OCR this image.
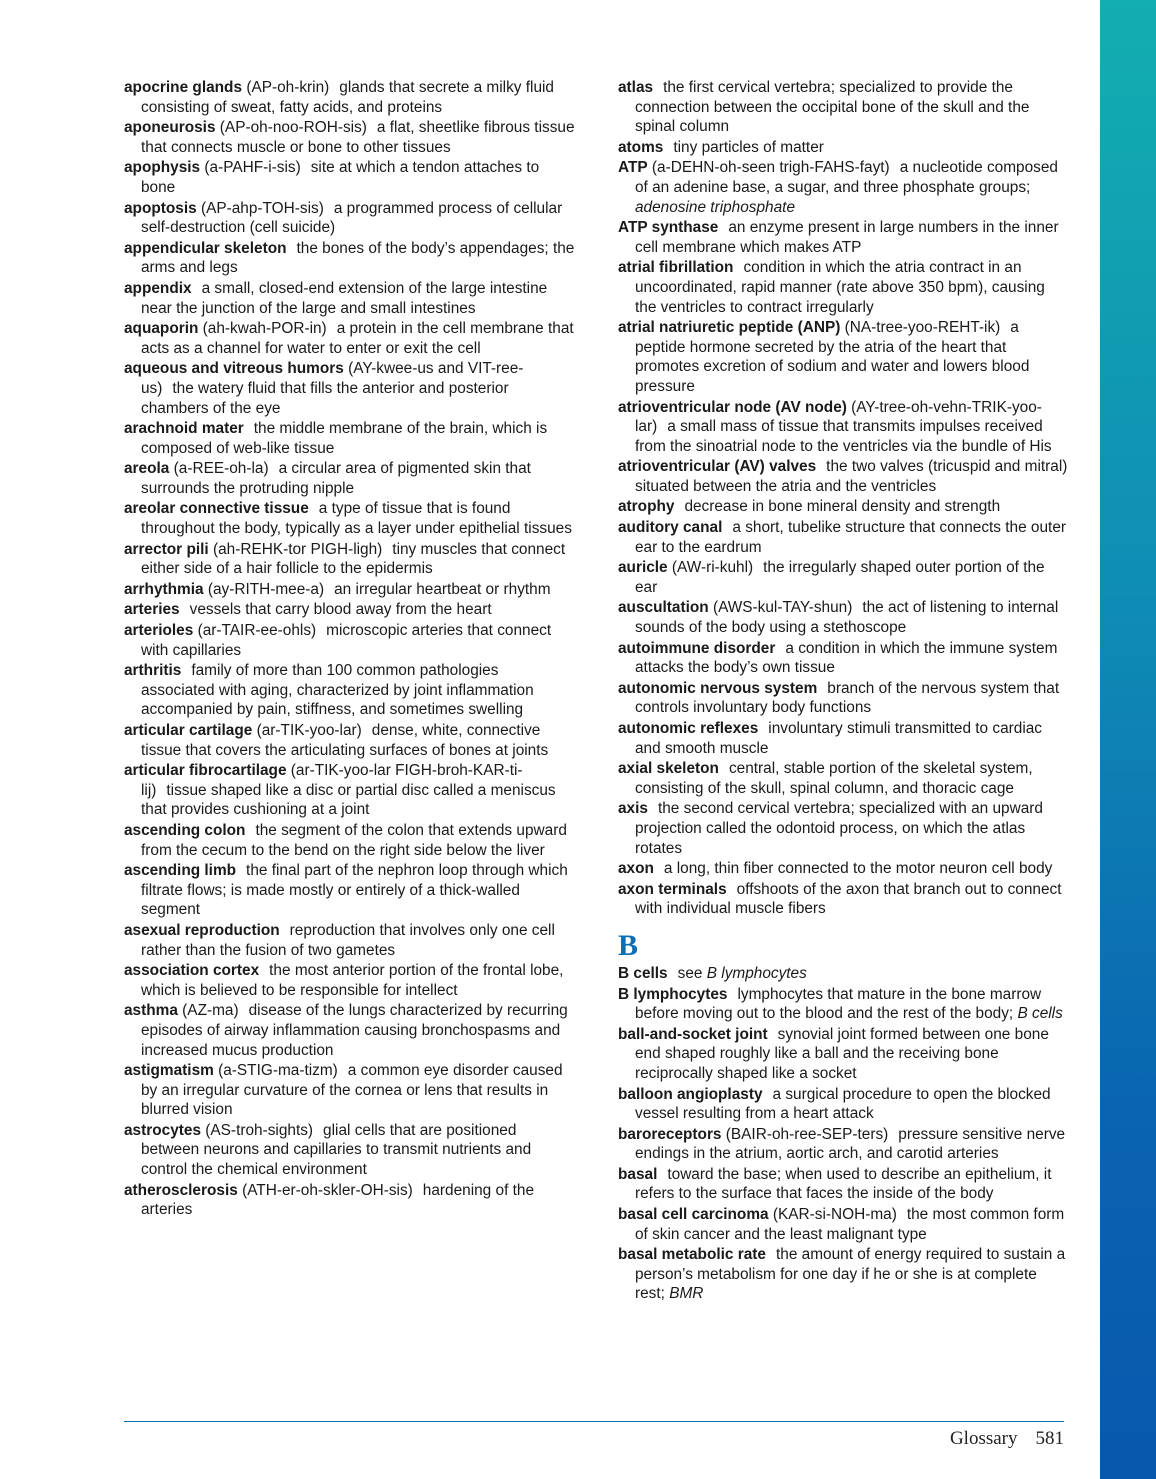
apocrine glands (AP-oh-krin) glands that secrete a milky fluid consisting of sweat, fatty acids, and proteins
aponeurosis (AP-oh-noo-ROH-sis) a flat, sheetlike fibrous tissue that connects muscle or bone to other tissues
apophysis (a-PAHF-i-sis) site at which a tendon attaches to bone
apoptosis (AP-ahp-TOH-sis) a programmed process of cellular self-destruction (cell suicide)
appendicular skeleton the bones of the body’s appendages; the arms and legs
appendix a small, closed-end extension of the large intestine near the junction of the large and small intestines
aquaporin (ah-kwah-POR-in) a protein in the cell membrane that acts as a channel for water to enter or exit the cell
aqueous and vitreous humors (AY-kwee-us and VIT-ree-us) the watery fluid that fills the anterior and posterior chambers of the eye
arachnoid mater the middle membrane of the brain, which is composed of web-like tissue
areola (a-REE-oh-la) a circular area of pigmented skin that surrounds the protruding nipple
areolar connective tissue a type of tissue that is found throughout the body, typically as a layer under epithelial tissues
arrector pili (ah-REHK-tor PIGH-ligh) tiny muscles that connect either side of a hair follicle to the epidermis
arrhythmia (ay-RITH-mee-a) an irregular heartbeat or rhythm
arteries vessels that carry blood away from the heart
arterioles (ar-TAIR-ee-ohls) microscopic arteries that connect with capillaries
arthritis family of more than 100 common pathologies associated with aging, characterized by joint inflammation accompanied by pain, stiffness, and sometimes swelling
articular cartilage (ar-TIK-yoo-lar) dense, white, connective tissue that covers the articulating surfaces of bones at joints
articular fibrocartilage (ar-TIK-yoo-lar FIGH-broh-KAR-ti-lij) tissue shaped like a disc or partial disc called a meniscus that provides cushioning at a joint
ascending colon the segment of the colon that extends upward from the cecum to the bend on the right side below the liver
ascending limb the final part of the nephron loop through which filtrate flows; is made mostly or entirely of a thick-walled segment
asexual reproduction reproduction that involves only one cell rather than the fusion of two gametes
association cortex the most anterior portion of the frontal lobe, which is believed to be responsible for intellect
asthma (AZ-ma) disease of the lungs characterized by recurring episodes of airway inflammation causing bronchospasms and increased mucus production
astigmatism (a-STIG-ma-tizm) a common eye disorder caused by an irregular curvature of the cornea or lens that results in blurred vision
astrocytes (AS-troh-sights) glial cells that are positioned between neurons and capillaries to transmit nutrients and control the chemical environment
atherosclerosis (ATH-er-oh-skler-OH-sis) hardening of the arteries
atlas the first cervical vertebra; specialized to provide the connection between the occipital bone of the skull and the spinal column
atoms tiny particles of matter
ATP (a-DEHN-oh-seen trigh-FAHS-fayt) a nucleotide composed of an adenine base, a sugar, and three phosphate groups; adenosine triphosphate
ATP synthase an enzyme present in large numbers in the inner cell membrane which makes ATP
atrial fibrillation condition in which the atria contract in an uncoordinated, rapid manner (rate above 350 bpm), causing the ventricles to contract irregularly
atrial natriuretic peptide (ANP) (NA-tree-yoo-REHT-ik) a peptide hormone secreted by the atria of the heart that promotes excretion of sodium and water and lowers blood pressure
atrioventricular node (AV node) (AY-tree-oh-vehn-TRIK-yoo-lar) a small mass of tissue that transmits impulses received from the sinoatrial node to the ventricles via the bundle of His
atrioventricular (AV) valves the two valves (tricuspid and mitral) situated between the atria and the ventricles
atrophy decrease in bone mineral density and strength
auditory canal a short, tubelike structure that connects the outer ear to the eardrum
auricle (AW-ri-kuhl) the irregularly shaped outer portion of the ear
auscultation (AWS-kul-TAY-shun) the act of listening to internal sounds of the body using a stethoscope
autoimmune disorder a condition in which the immune system attacks the body’s own tissue
autonomic nervous system branch of the nervous system that controls involuntary body functions
autonomic reflexes involuntary stimuli transmitted to cardiac and smooth muscle
axial skeleton central, stable portion of the skeletal system, consisting of the skull, spinal column, and thoracic cage
axis the second cervical vertebra; specialized with an upward projection called the odontoid process, on which the atlas rotates
axon a long, thin fiber connected to the motor neuron cell body
axon terminals offshoots of the axon that branch out to connect with individual muscle fibers
B
B cells see B lymphocytes
B lymphocytes lymphocytes that mature in the bone marrow before moving out to the blood and the rest of the body; B cells
ball-and-socket joint synovial joint formed between one bone end shaped roughly like a ball and the receiving bone reciprocally shaped like a socket
balloon angioplasty a surgical procedure to open the blocked vessel resulting from a heart attack
baroreceptors (BAIR-oh-ree-SEP-ters) pressure sensitive nerve endings in the atrium, aortic arch, and carotid arteries
basal toward the base; when used to describe an epithelium, it refers to the surface that faces the inside of the body
basal cell carcinoma (KAR-si-NOH-ma) the most common form of skin cancer and the least malignant type
basal metabolic rate the amount of energy required to sustain a person’s metabolism for one day if he or she is at complete rest; BMR
Glossary 581
